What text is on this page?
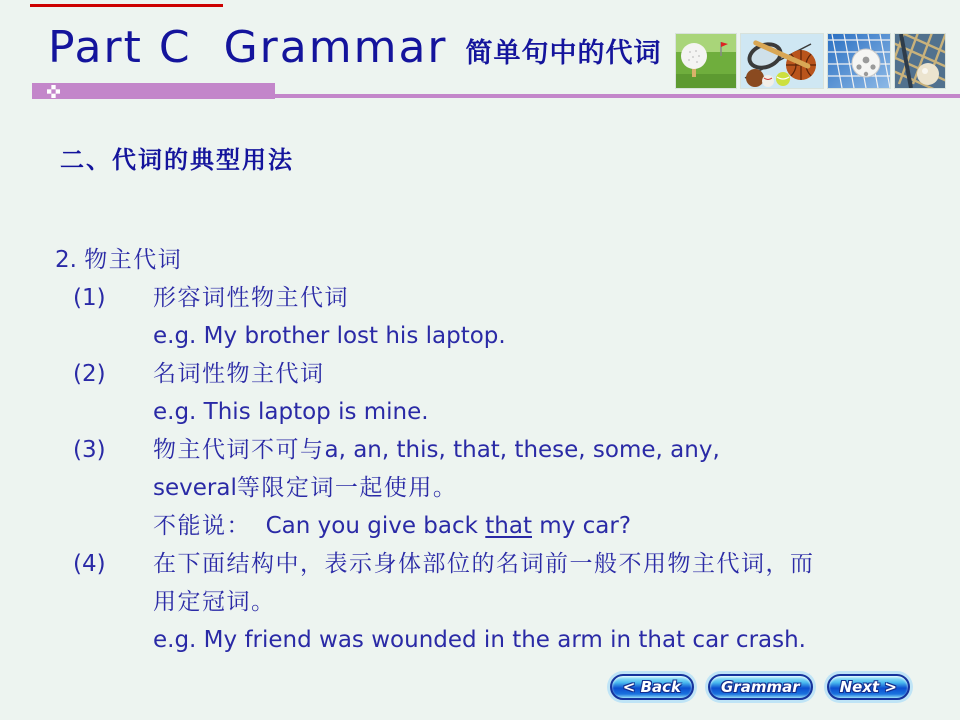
Part C Grammar 简单句中的代词
二、代词的典型用法
2. 物主代词
(1)	形容词性物主代词
e.g. My brother lost his laptop.
(2)	名词性物主代词
e.g. This laptop is mine.
(3)	物主代词不可与a, an, this, that, these, some, any,
several等限定词一起使用。
不能说：  Can you give back that my car?
(4)	在下面结构中，表示身体部位的名词前一般不用物主代词，而
用定冠词。
e.g. My friend was wounded in the arm in that car crash.
< Back	Grammar	Next >
